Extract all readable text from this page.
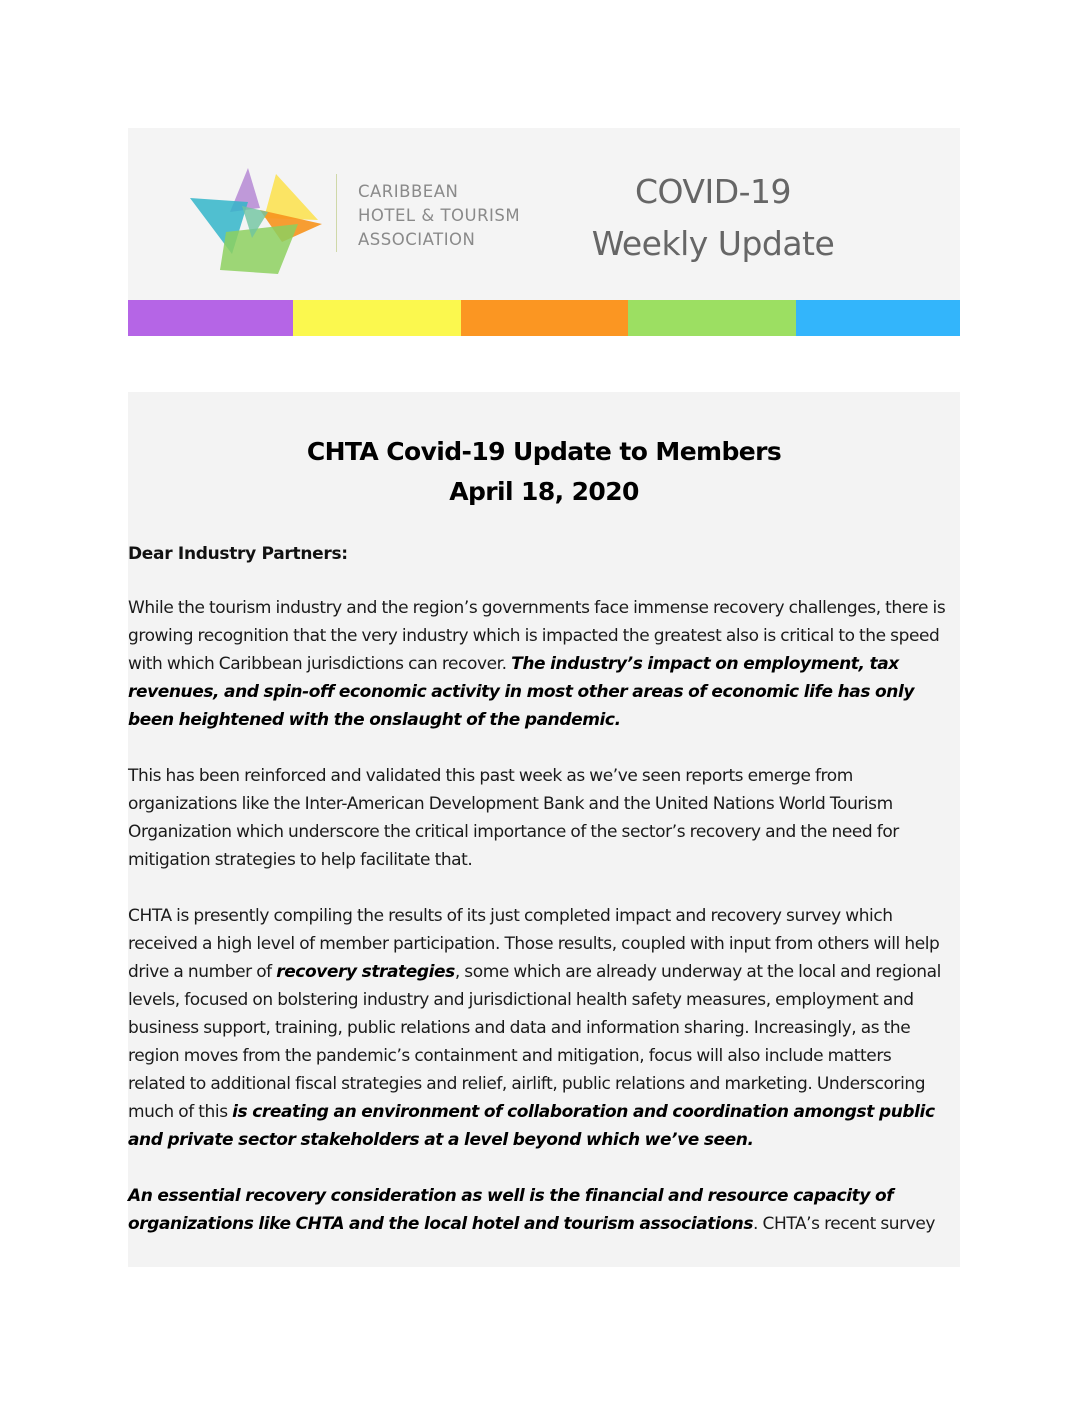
CARIBBEAN
HOTEL & TOURISM
ASSOCIATION
COVID-19
Weekly Update
CHTA Covid-19 Update to Members
April 18, 2020
Dear Industry Partners:
While the tourism industry and the region’s governments face immense recovery challenges, there is
growing recognition that the very industry which is impacted the greatest also is critical to the speed
with which Caribbean jurisdictions can recover. The industry’s impact on employment, tax
revenues, and spin-off economic activity in most other areas of economic life has only
been heightened with the onslaught of the pandemic.
This has been reinforced and validated this past week as we’ve seen reports emerge from
organizations like the Inter-American Development Bank and the United Nations World Tourism
Organization which underscore the critical importance of the sector’s recovery and the need for
mitigation strategies to help facilitate that.
CHTA is presently compiling the results of its just completed impact and recovery survey which
received a high level of member participation. Those results, coupled with input from others will help
drive a number of recovery strategies, some which are already underway at the local and regional
levels, focused on bolstering industry and jurisdictional health safety measures, employment and
business support, training, public relations and data and information sharing. Increasingly, as the
region moves from the pandemic’s containment and mitigation, focus will also include matters
related to additional fiscal strategies and relief, airlift, public relations and marketing. Underscoring
much of this is creating an environment of collaboration and coordination amongst public
and private sector stakeholders at a level beyond which we’ve seen.
An essential recovery consideration as well is the financial and resource capacity of
organizations like CHTA and the local hotel and tourism associations. CHTA’s recent survey
